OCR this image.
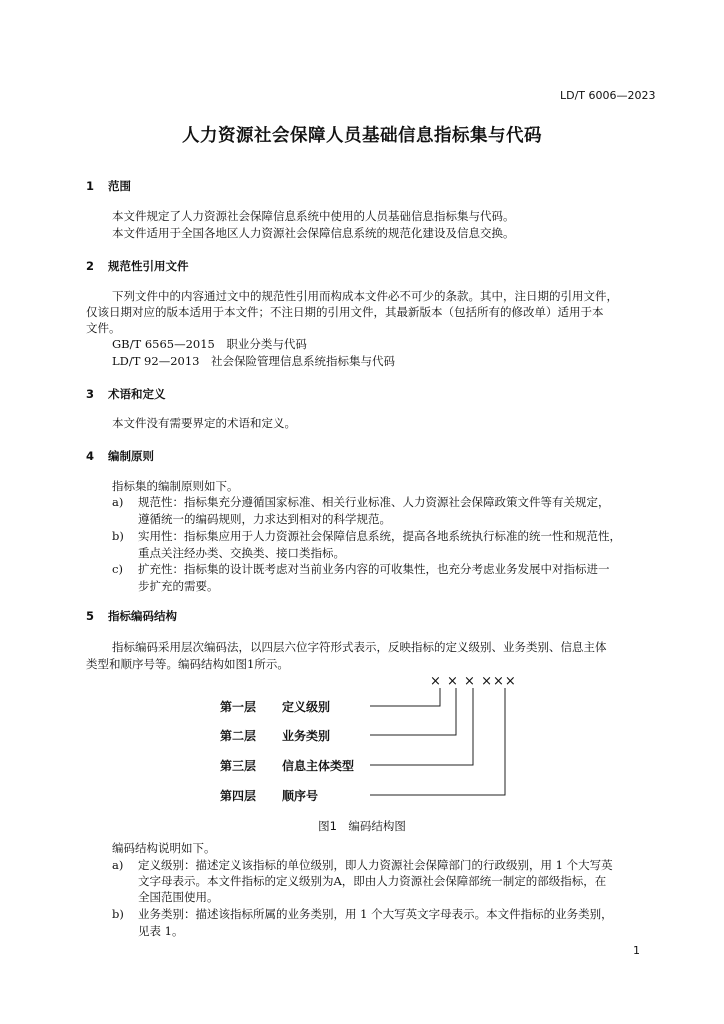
LD/T 6006—2023
人力资源社会保障人员基础信息指标集与代码
1 范围
本文件规定了人力资源社会保障信息系统中使用的人员基础信息指标集与代码。
本文件适用于全国各地区人力资源社会保障信息系统的规范化建设及信息交换。
2 规范性引用文件
下列文件中的内容通过文中的规范性引用而构成本文件必不可少的条款。其中，注日期的引用文件，
仅该日期对应的版本适用于本文件；不注日期的引用文件，其最新版本（包括所有的修改单）适用于本
文件。
GB/T 6565—2015　职业分类与代码
LD/T 92—2013　社会保险管理信息系统指标集与代码
3 术语和定义
本文件没有需要界定的术语和定义。
4 编制原则
指标集的编制原则如下。
a) 规范性：指标集充分遵循国家标准、相关行业标准、人力资源社会保障政策文件等有关规定，
遵循统一的编码规则，力求达到相对的科学规范。
b) 实用性：指标集应用于人力资源社会保障信息系统，提高各地系统执行标准的统一性和规范性，
重点关注经办类、交换类、接口类指标。
c) 扩充性：指标集的设计既考虑对当前业务内容的可收集性，也充分考虑业务发展中对指标进一
步扩充的需要。
5 指标编码结构
指标编码采用层次编码法，以四层六位字符形式表示，反映指标的定义级别、业务类别、信息主体
类型和顺序号等。编码结构如图1所示。
× × × ×××
第一层 定义级别
第二层 业务类别
第三层 信息主体类型
第四层 顺序号
图1　 编码结构图
编码结构说明如下。
a) 定义级别：描述定义该指标的单位级别，即人力资源社会保障部门的行政级别，用 1 个大写英
文字母表示。本文件指标的定义级别为A，即由人力资源社会保障部统一制定的部级指标，在
全国范围使用。
b) 业务类别：描述该指标所属的业务类别，用 1 个大写英文字母表示。本文件指标的业务类别，
见表 1。
1
